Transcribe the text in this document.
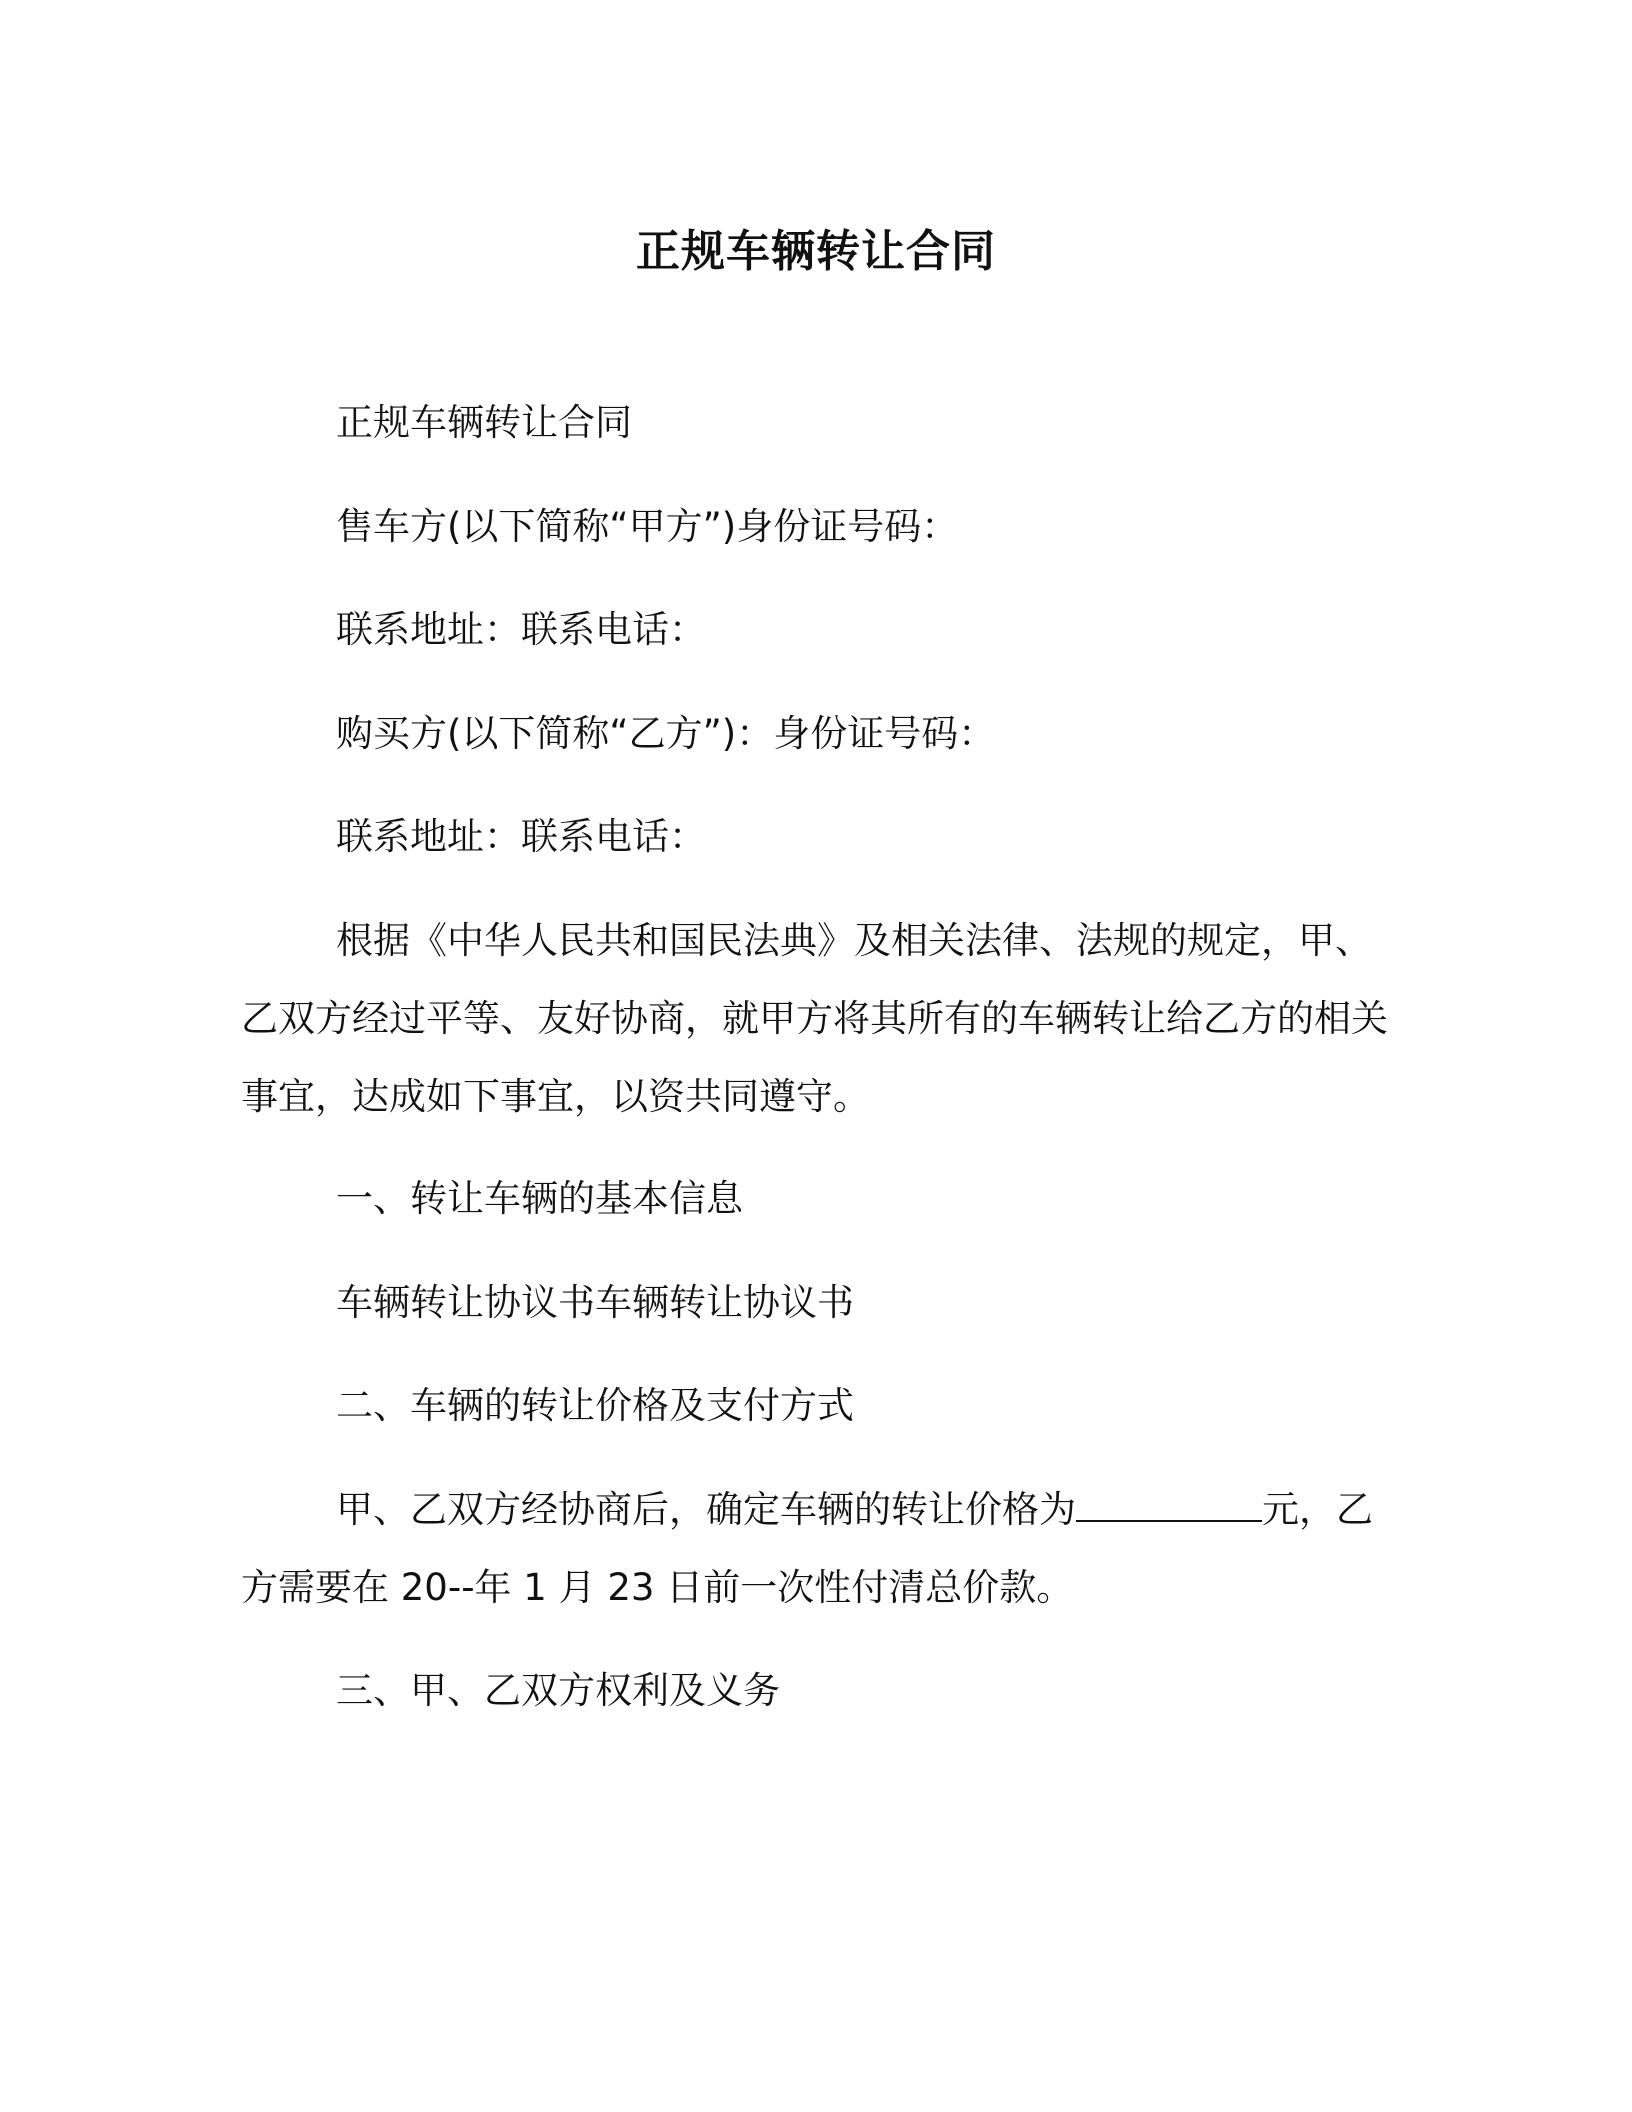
正规车辆转让合同

正规车辆转让合同

售车方(以下简称“甲方”)身份证号码：

联系地址：联系电话：

购买方(以下简称“乙方”)：身份证号码：

联系地址：联系电话：

根据《中华人民共和国民法典》及相关法律、法规的规定，甲、乙双方经过平等、友好协商，就甲方将其所有的车辆转让给乙方的相关事宜，达成如下事宜，以资共同遵守。

一、转让车辆的基本信息

车辆转让协议书车辆转让协议书

二、车辆的转让价格及支付方式

甲、乙双方经协商后，确定车辆的转让价格为	元，乙方需要在 20--年 1 月 23 日前一次性付清总价款。

三、甲、乙双方权利及义务
